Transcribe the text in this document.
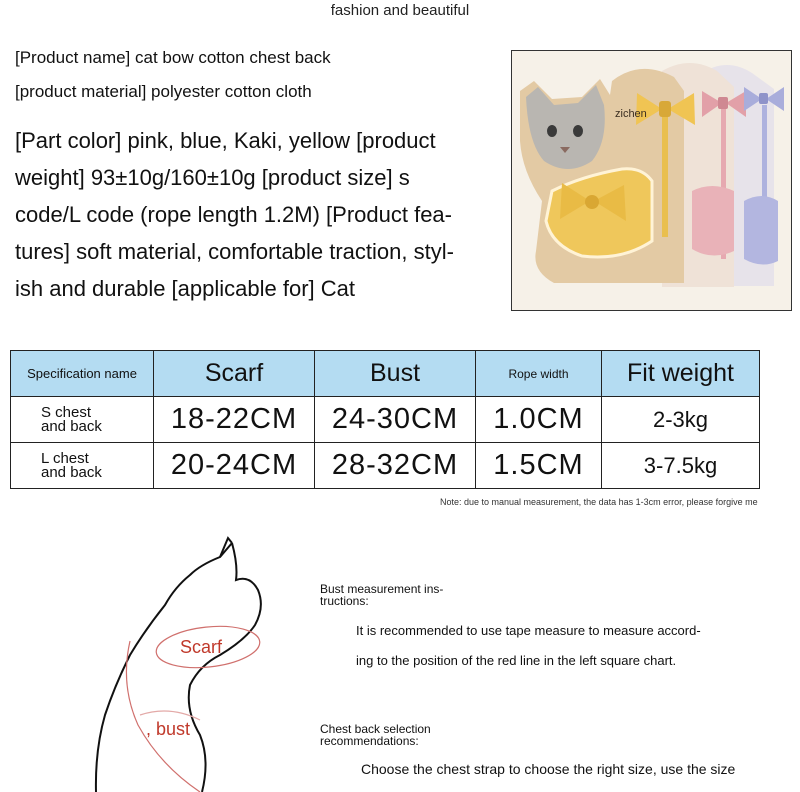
fashion and beautiful
[Product name] cat bow cotton chest back
[product material] polyester cotton cloth
[Part color] pink, blue, Kaki, yellow [product
weight] 93±10g/160±10g [product size] s
code/L code (rope length 1.2M) [Product fea-
tures] soft material, comfortable traction, styl-
ish and durable [applicable for] Cat
zichen
Specification name	Scarf	Bust	Rope width	Fit weight

S chest
and back	18-22CM	24-30CM	1.0CM	2-3kg

L chest
and back	20-24CM	28-32CM	1.5CM	3-7.5kg
Note: due to manual measurement, the data has 1-3cm error, please forgive me
Scarf
, bust
Bust measurement ins-
tructions:
It is recommended to use tape measure to measure accord-
ing to the position of the red line in the left square chart.
Chest back selection
recommendations:
Choose the chest strap to choose the right size, use the size
